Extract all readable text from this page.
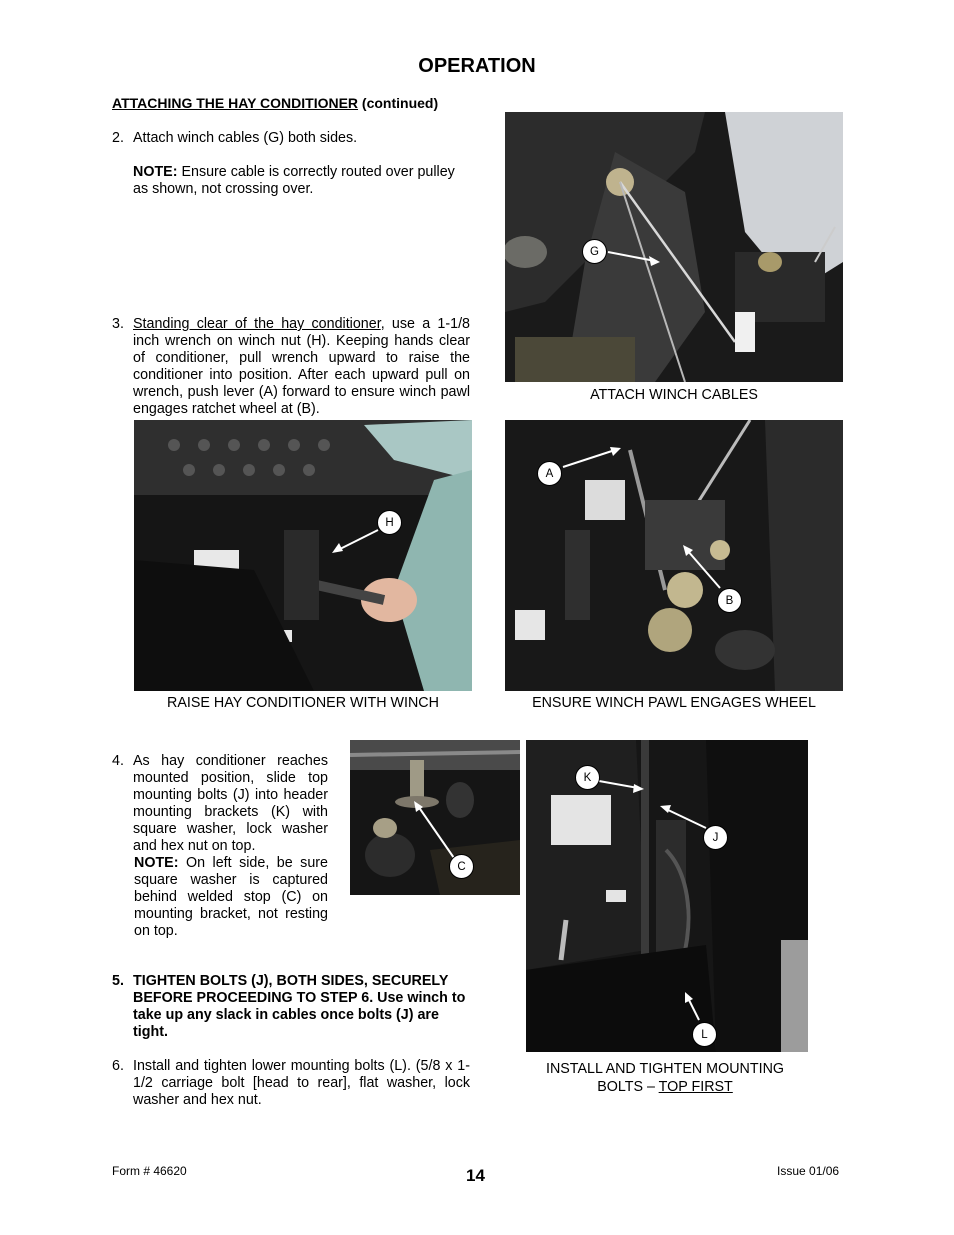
OPERATION
ATTACHING THE HAY CONDITIONER (continued)
2. Attach winch cables (G) both sides.
NOTE: Ensure cable is correctly routed over pulley as shown, not crossing over.
3. Standing clear of the hay conditioner, use a 1-1/8 inch wrench on winch nut (H). Keeping hands clear of conditioner, pull wrench upward to raise the conditioner into position. After each upward pull on wrench, push lever (A) forward to ensure winch pawl engages ratchet wheel at (B).
G
ATTACH WINCH CABLES
H
RAISE HAY CONDITIONER WITH WINCH
A
B
ENSURE WINCH PAWL ENGAGES WHEEL
4. As hay conditioner reaches mounted position, slide top mounting bolts (J) into header mounting brackets (K) with square washer, lock washer and hex nut on top.
NOTE: On left side, be sure square washer is captured behind welded stop (C) on mounting bracket, not resting on top.
C
K
J
L
INSTALL AND TIGHTEN MOUNTING
BOLTS – TOP FIRST
5. TIGHTEN BOLTS (J), BOTH SIDES, SECURELY BEFORE PROCEEDING TO STEP 6. Use winch to take up any slack in cables once bolts (J) are tight.
6. Install and tighten lower mounting bolts (L). (5/8 x 1-1/2 carriage bolt [head to rear], flat washer, lock washer and hex nut.
Form # 46620	14	Issue 01/06
